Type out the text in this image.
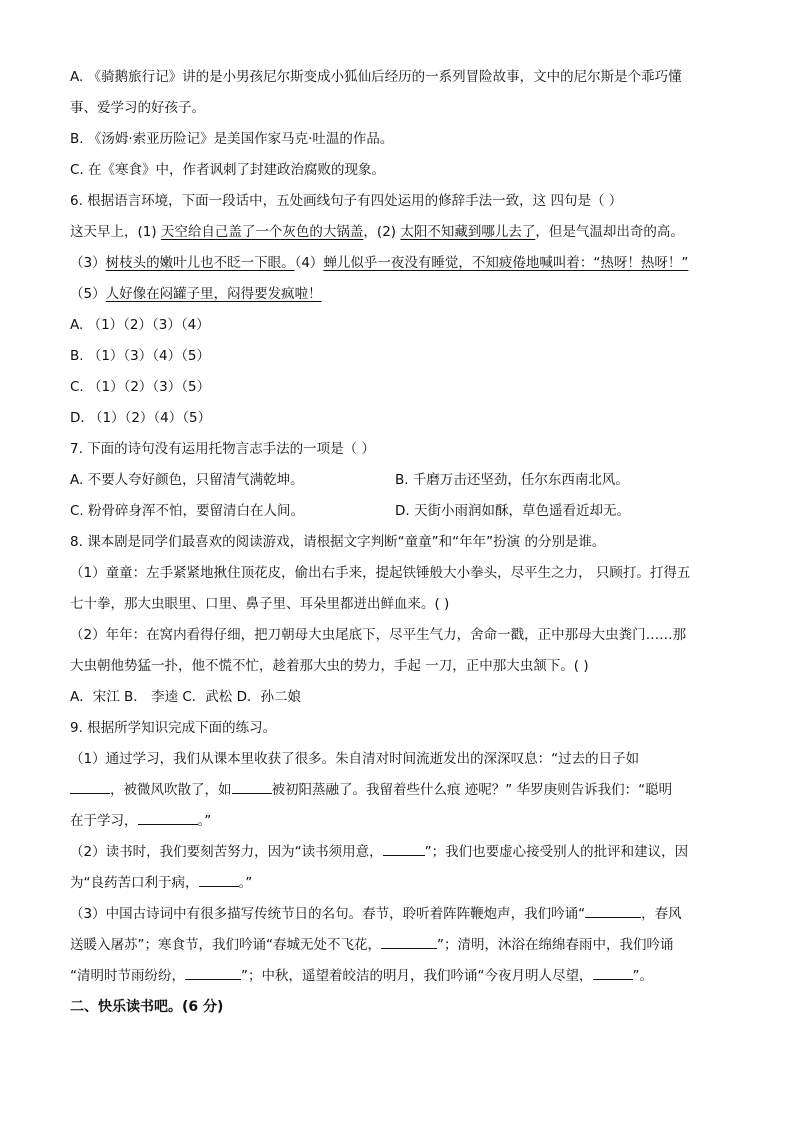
A. 《骑鹅旅行记》讲的是小男孩尼尔斯变成小狐仙后经历的一系列冒险故事，文中的尼尔斯是个乖巧懂
事、爱学习的好孩子。
B. 《汤姆·索亚历险记》是美国作家马克·吐温的作品。
C. 在《寒食》中，作者讽刺了封建政治腐败的现象。
6. 根据语言环境，下面一段话中，五处画线句子有四处运用的修辞手法一致，这 四句是（ ）
这天早上，(1) 天空给自己盖了一个灰色的大锅盖，(2) 太阳不知藏到哪儿去了，但是气温却出奇的高。
（3）树枝头的嫩叶儿也不眨一下眼。（4）蝉儿似乎一夜没有睡觉，不知疲倦地喊叫着：“热呀！热呀！”
（5）人好像在闷罐子里，闷得要发疯啦！
A. （1）（2）（3）（4）
B. （1）（3）（4）（5）
C. （1）（2）（3）（5）
D. （1）（2）（4）（5）
7. 下面的诗句没有运用托物言志手法的一项是（ ）
A. 不要人夸好颜色，只留清气满乾坤。	B. 千磨万击还坚劲，任尔东西南北风。
C. 粉骨碎身浑不怕，要留清白在人间。	D. 天街小雨润如酥，草色遥看近却无。
8. 课本剧是同学们最喜欢的阅读游戏，请根据文字判断“童童”和“年年”扮演 的分别是谁。
（1）童童：左手紧紧地揪住顶花皮，偷出右手来，提起铁锤般大小拳头，尽平生之力， 只顾打。打得五
七十拳，那大虫眼里、口里、鼻子里、耳朵里都迸出鲜血来。( )
（2）年年：在窝内看得仔细，把刀朝母大虫尾底下，尽平生气力，舍命一戳，正中那母大虫粪门……那
大虫朝他势猛一扑，他不慌不忙，趁着那大虫的势力，手起 一刀，正中那大虫颔下。( )
A．宋江 B． 李逵 C．武松 D．孙二娘
9. 根据所学知识完成下面的练习。
（1）通过学习，我们从课本里收获了很多。朱自清对时间流逝发出的深深叹息：“过去的日子如
，被微风吹散了，如	被初阳蒸融了。我留着些什么痕 迹呢？” 华罗庚则告诉我们：“聪明
在于学习，	。”
（2）读书时，我们要刻苦努力，因为“读书须用意，	”；我们也要虚心接受别人的批评和建议，因
为“良药苦口利于病，	。”
（3）中国古诗词中有很多描写传统节日的名句。春节，聆听着阵阵鞭炮声，我们吟诵“	，春风
送暖入屠苏”；寒食节，我们吟诵“春城无处不飞花，	”；清明，沐浴在绵绵春雨中，我们吟诵
“清明时节雨纷纷，	”；中秋，遥望着皎洁的明月，我们吟诵“今夜月明人尽望，	”。
二、快乐读书吧。(6 分)
